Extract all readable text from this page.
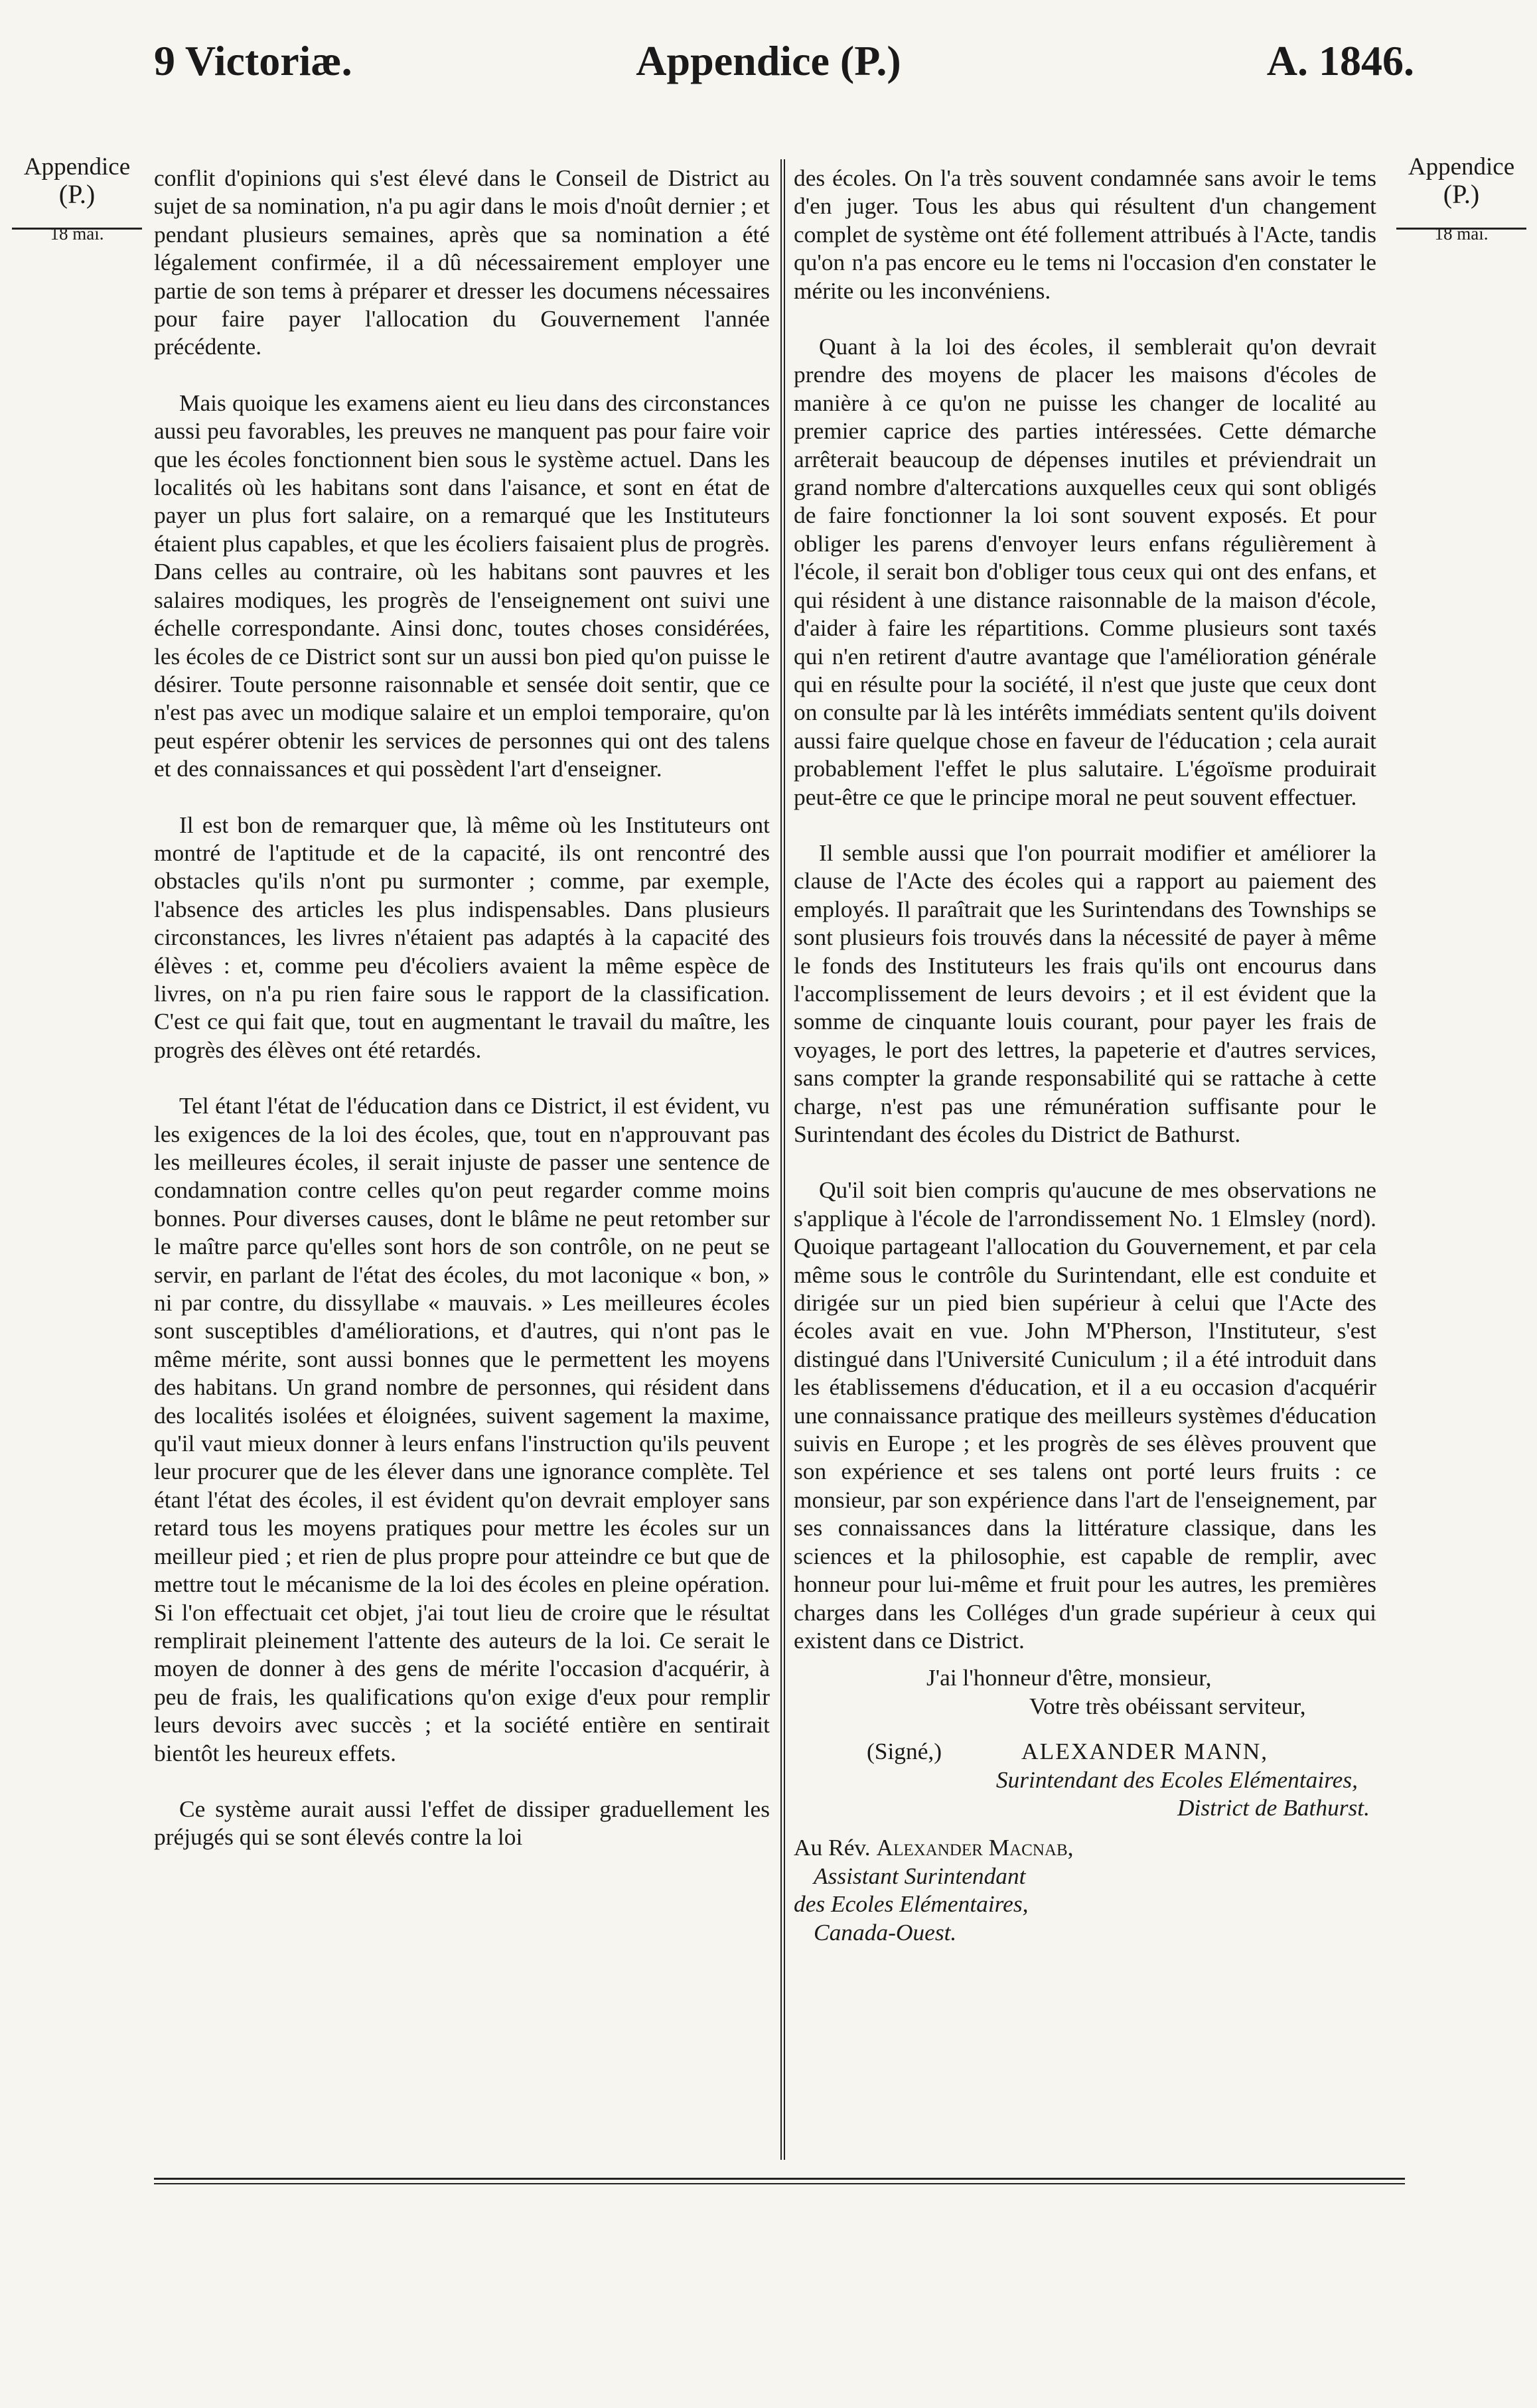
9 Victoriæ.	Appendice (P.)	A. 1846.
Appendice
(P.)
18 mai.
Appendice
(P.)
18 mai.

conflit d'opinions qui s'est élevé dans le Conseil de District au sujet de sa nomination, n'a pu agir dans le mois d'noût dernier ; et pendant plusieurs semaines, après que sa nomination a été légalement confirmée, il a dû nécessairement employer une partie de son tems à préparer et dresser les documens nécessaires pour faire payer l'allocation du Gouvernement l'année précédente.

Mais quoique les examens aient eu lieu dans des circonstances aussi peu favorables, les preuves ne manquent pas pour faire voir que les écoles fonctionnent bien sous le système actuel. Dans les localités où les habitans sont dans l'aisance, et sont en état de payer un plus fort salaire, on a remarqué que les Instituteurs étaient plus capables, et que les écoliers faisaient plus de progrès. Dans celles au contraire, où les habitans sont pauvres et les salaires modiques, les progrès de l'enseignement ont suivi une échelle correspondante. Ainsi donc, toutes choses considérées, les écoles de ce District sont sur un aussi bon pied qu'on puisse le désirer. Toute personne raisonnable et sensée doit sentir, que ce n'est pas avec un modique salaire et un emploi temporaire, qu'on peut espérer obtenir les services de personnes qui ont des talens et des connaissances et qui possèdent l'art d'enseigner.

Il est bon de remarquer que, là même où les Instituteurs ont montré de l'aptitude et de la capacité, ils ont rencontré des obstacles qu'ils n'ont pu surmonter ; comme, par exemple, l'absence des articles les plus indispensables. Dans plusieurs circonstances, les livres n'étaient pas adaptés à la capacité des élèves : et, comme peu d'écoliers avaient la même espèce de livres, on n'a pu rien faire sous le rapport de la classification. C'est ce qui fait que, tout en augmentant le travail du maître, les progrès des élèves ont été retardés.

Tel étant l'état de l'éducation dans ce District, il est évident, vu les exigences de la loi des écoles, que, tout en n'approuvant pas les meilleures écoles, il serait injuste de passer une sentence de condamnation contre celles qu'on peut regarder comme moins bonnes. Pour diverses causes, dont le blâme ne peut retomber sur le maître parce qu'elles sont hors de son contrôle, on ne peut se servir, en parlant de l'état des écoles, du mot laconique « bon, » ni par contre, du dissyllabe « mauvais. » Les meilleures écoles sont susceptibles d'améliorations, et d'autres, qui n'ont pas le même mérite, sont aussi bonnes que le permettent les moyens des habitans. Un grand nombre de personnes, qui résident dans des localités isolées et éloignées, suivent sagement la maxime, qu'il vaut mieux donner à leurs enfans l'instruction qu'ils peuvent leur procurer que de les élever dans une ignorance complète. Tel étant l'état des écoles, il est évident qu'on devrait employer sans retard tous les moyens pratiques pour mettre les écoles sur un meilleur pied ; et rien de plus propre pour atteindre ce but que de mettre tout le mécanisme de la loi des écoles en pleine opération. Si l'on effectuait cet objet, j'ai tout lieu de croire que le résultat remplirait pleinement l'attente des auteurs de la loi. Ce serait le moyen de donner à des gens de mérite l'occasion d'acquérir, à peu de frais, les qualifications qu'on exige d'eux pour remplir leurs devoirs avec succès ; et la société entière en sentirait bientôt les heureux effets.

Ce système aurait aussi l'effet de dissiper graduellement les préjugés qui se sont élevés contre la loi

des écoles. On l'a très souvent condamnée sans avoir le tems d'en juger. Tous les abus qui résultent d'un changement complet de système ont été follement attribués à l'Acte, tandis qu'on n'a pas encore eu le tems ni l'occasion d'en constater le mérite ou les inconvéniens.

Quant à la loi des écoles, il semblerait qu'on devrait prendre des moyens de placer les maisons d'écoles de manière à ce qu'on ne puisse les changer de localité au premier caprice des parties intéressées. Cette démarche arrêterait beaucoup de dépenses inutiles et préviendrait un grand nombre d'altercations auxquelles ceux qui sont obligés de faire fonctionner la loi sont souvent exposés. Et pour obliger les parens d'envoyer leurs enfans régulièrement à l'école, il serait bon d'obliger tous ceux qui ont des enfans, et qui résident à une distance raisonnable de la maison d'école, d'aider à faire les répartitions. Comme plusieurs sont taxés qui n'en retirent d'autre avantage que l'amélioration générale qui en résulte pour la société, il n'est que juste que ceux dont on consulte par là les intérêts immédiats sentent qu'ils doivent aussi faire quelque chose en faveur de l'éducation ; cela aurait probablement l'effet le plus salutaire. L'égoïsme produirait peut-être ce que le principe moral ne peut souvent effectuer.

Il semble aussi que l'on pourrait modifier et améliorer la clause de l'Acte des écoles qui a rapport au paiement des employés. Il paraîtrait que les Surintendans des Townships se sont plusieurs fois trouvés dans la nécessité de payer à même le fonds des Instituteurs les frais qu'ils ont encourus dans l'accomplissement de leurs devoirs ; et il est évident que la somme de cinquante louis courant, pour payer les frais de voyages, le port des lettres, la papeterie et d'autres services, sans compter la grande responsabilité qui se rattache à cette charge, n'est pas une rémunération suffisante pour le Surintendant des écoles du District de Bathurst.

Qu'il soit bien compris qu'aucune de mes observations ne s'applique à l'école de l'arrondissement No. 1 Elmsley (nord). Quoique partageant l'allocation du Gouvernement, et par cela même sous le contrôle du Surintendant, elle est conduite et dirigée sur un pied bien supérieur à celui que l'Acte des écoles avait en vue. John M'Pherson, l'Instituteur, s'est distingué dans l'Université Cuniculum ; il a été introduit dans les établissemens d'éducation, et il a eu occasion d'acquérir une connaissance pratique des meilleurs systèmes d'éducation suivis en Europe ; et les progrès de ses élèves prouvent que son expérience et ses talens ont porté leurs fruits : ce monsieur, par son expérience dans l'art de l'enseignement, par ses connaissances dans la littérature classique, dans les sciences et la philosophie, est capable de remplir, avec honneur pour lui-même et fruit pour les autres, les premières charges dans les Colléges d'un grade supérieur à ceux qui existent dans ce District.

J'ai l'honneur d'être, monsieur,
Votre très obéissant serviteur,
(Signé,)	ALEXANDER MANN,
Surintendant des Ecoles Elémentaires,
District de Bathurst.
Au Rév. Alexander Macnab,
Assistant Surintendant
des Ecoles Elémentaires,
Canada-Ouest.
